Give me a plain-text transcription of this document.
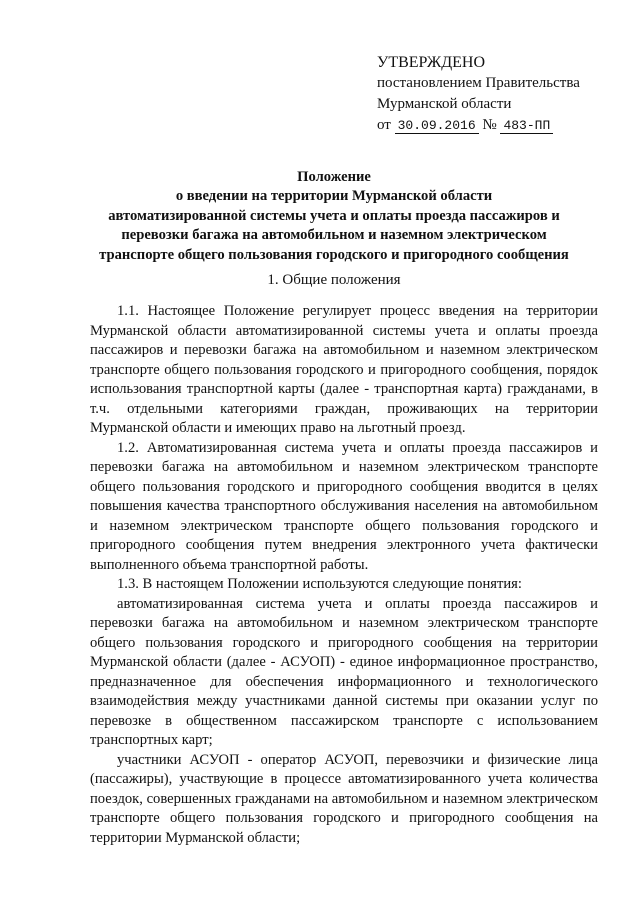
УТВЕРЖДЕНО
постановлением Правительства
Мурманской области
от 30.09.2016 № 483-ПП
Положение
о введении на территории Мурманской области
автоматизированной системы учета и оплаты проезда пассажиров и
перевозки багажа на автомобильном и наземном электрическом
транспорте общего пользования городского и пригородного сообщения
1. Общие положения

1.1. Настоящее Положение регулирует процесс введения на территории Мурманской области автоматизированной системы учета и оплаты проезда пассажиров и перевозки багажа на автомобильном и наземном электрическом транспорте общего пользования городского и пригородного сообщения, порядок использования транспортной карты (далее - транспортная карта) гражданами, в т.ч. отдельными категориями граждан, проживающих на территории Мурманской области и имеющих право на льготный проезд.

1.2. Автоматизированная система учета и оплаты проезда пассажиров и перевозки багажа на автомобильном и наземном электрическом транспорте общего пользования городского и пригородного сообщения вводится в целях повышения качества транспортного обслуживания населения на автомобильном и наземном электрическом транспорте общего пользования городского и пригородного сообщения путем внедрения электронного учета фактически выполненного объема транспортной работы.

1.3. В настоящем Положении используются следующие понятия:

автоматизированная система учета и оплаты проезда пассажиров и перевозки багажа на автомобильном и наземном электрическом транспорте общего пользования городского и пригородного сообщения на территории Мурманской области (далее - АСУОП) - единое информационное пространство, предназначенное для обеспечения информационного и технологического взаимодействия между участниками данной системы при оказании услуг по перевозке в общественном пассажирском транспорте с использованием транспортных карт;

участники АСУОП - оператор АСУОП, перевозчики и физические лица (пассажиры), участвующие в процессе автоматизированного учета количества поездок, совершенных гражданами на автомобильном и наземном электрическом транспорте общего пользования городского и пригородного сообщения на территории Мурманской области;
